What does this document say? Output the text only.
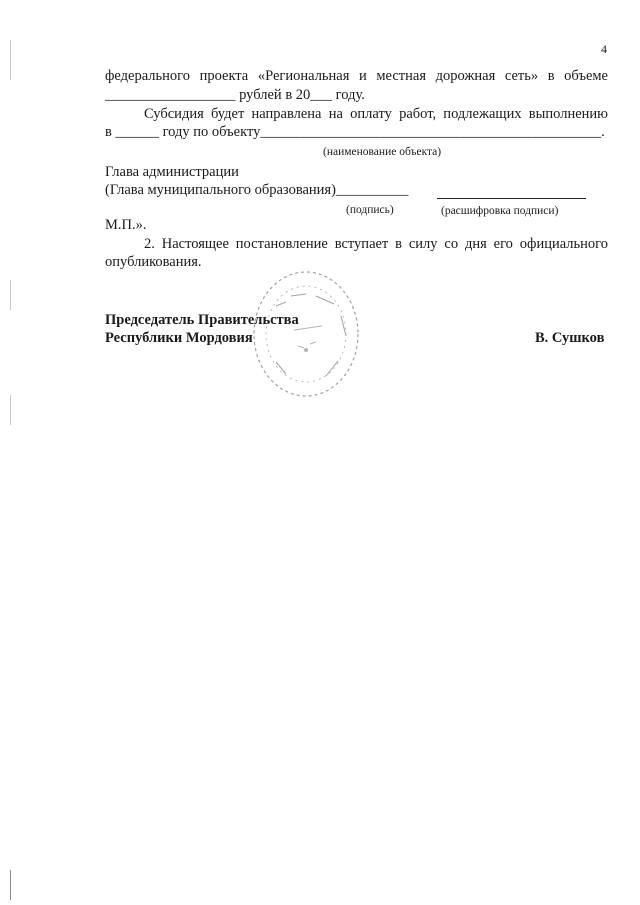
4
федерального проекта «Региональная и местная дорожная сеть» в объеме
__________________ рублей в 20___ году.
Субсидия будет направлена на оплату работ, подлежащих выполнению
в ______ году по объекту_______________________________________________.
(наименование объекта)
Глава администрации
(Глава муниципального образования)__________
(подпись)	(расшифровка подписи)
М.П.».
2. Настоящее постановление вступает в силу со дня его официального
опубликования.
Председатель Правительства
Республики Мордовия	В. Сушков
